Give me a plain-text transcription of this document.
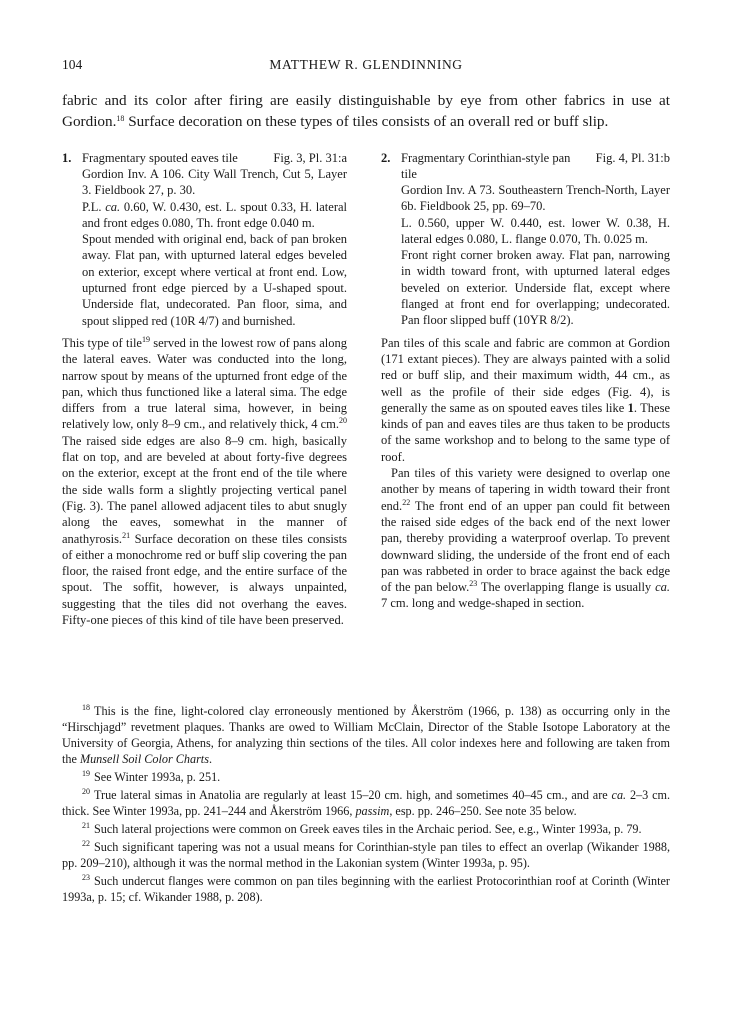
104	MATTHEW R. GLENDINNING
fabric and its color after firing are easily distinguishable by eye from other fabrics in use at Gordion.$^{18}$ Surface decoration on these types of tiles consists of an overall red or buff slip.
1. Fragmentary spouted eaves tile	Fig. 3, Pl. 31:a

Gordion Inv. A 106. City Wall Trench, Cut 5, Layer 3. Fieldbook 27, p. 30.

P.L. ca. 0.60, W. 0.430, est. L. spout 0.33, H. lateral and front edges 0.080, Th. front edge 0.040 m.

Spout mended with original end, back of pan broken away. Flat pan, with upturned lateral edges beveled on exterior, except where vertical at front end. Low, upturned front edge pierced by a U-shaped spout. Underside flat, undecorated. Pan floor, sima, and spout slipped red (10R 4/7) and burnished.

This type of tile$^{19}$ served in the lowest row of pans along the lateral eaves. Water was conducted into the long, narrow spout by means of the upturned front edge of the pan, which thus functioned like a lateral sima. The edge differs from a true lateral sima, however, in being relatively low, only 8–9 cm., and relatively thick, 4 cm.$^{20}$ The raised side edges are also 8–9 cm. high, basically flat on top, and are beveled at about forty-five degrees on the exterior, except at the front end of the tile where the side walls form a slightly projecting vertical panel (Fig. 3). The panel allowed adjacent tiles to abut snugly along the eaves, somewhat in the manner of anathyrosis.$^{21}$ Surface decoration on these tiles consists of either a monochrome red or buff slip covering the pan floor, the raised front edge, and the entire surface of the spout. The soffit, however, is always unpainted, suggesting that the tiles did not overhang the eaves. Fifty-one pieces of this kind of tile have been preserved.

2. Fragmentary Corinthian-style pan tile
Fig. 4, Pl. 31:b

Gordion Inv. A 73. Southeastern Trench-North, Layer 6b. Fieldbook 25, pp. 69–70.

L. 0.560, upper W. 0.440, est. lower W. 0.38, H. lateral edges 0.080, L. flange 0.070, Th. 0.025 m.

Front right corner broken away. Flat pan, narrowing in width toward front, with upturned lateral edges beveled on exterior. Underside flat, except where flanged at front end for overlapping; undecorated. Pan floor slipped buff (10YR 8/2).

Pan tiles of this scale and fabric are common at Gordion (171 extant pieces). They are always painted with a solid red or buff slip, and their maximum width, 44 cm., as well as the profile of their side edges (Fig. 4), is generally the same as on spouted eaves tiles like 1. These kinds of pan and eaves tiles are thus taken to be products of the same workshop and to belong to the same type of roof.

Pan tiles of this variety were designed to overlap one another by means of tapering in width toward their front end.$^{22}$ The front end of an upper pan could fit between the raised side edges of the back end of the next lower pan, thereby providing a waterproof overlap. To prevent downward sliding, the underside of the front end of each pan was rabbeted in order to brace against the back edge of the pan below.$^{23}$ The overlapping flange is usually ca. 7 cm. long and wedge-shaped in section.

$^{18}$ This is the fine, light-colored clay erroneously mentioned by Åkerström (1966, p. 138) as occurring only in the “Hirschjagd” revetment plaques. Thanks are owed to William McClain, Director of the Stable Isotope Laboratory at the University of Georgia, Athens, for analyzing thin sections of the tiles. All color indexes here and following are taken from the Munsell Soil Color Charts.

$^{19}$ See Winter 1993a, p. 251.

$^{20}$ True lateral simas in Anatolia are regularly at least 15–20 cm. high, and sometimes 40–45 cm., and are ca. 2–3 cm. thick. See Winter 1993a, pp. 241–244 and Åkerström 1966, passim, esp. pp. 246–250. See note 35 below.

$^{21}$ Such lateral projections were common on Greek eaves tiles in the Archaic period. See, e.g., Winter 1993a, p. 79.

$^{22}$ Such significant tapering was not a usual means for Corinthian-style pan tiles to effect an overlap (Wikander 1988, pp. 209–210), although it was the normal method in the Lakonian system (Winter 1993a, p. 95).

$^{23}$ Such undercut flanges were common on pan tiles beginning with the earliest Protocorinthian roof at Corinth (Winter 1993a, p. 15; cf. Wikander 1988, p. 208).
